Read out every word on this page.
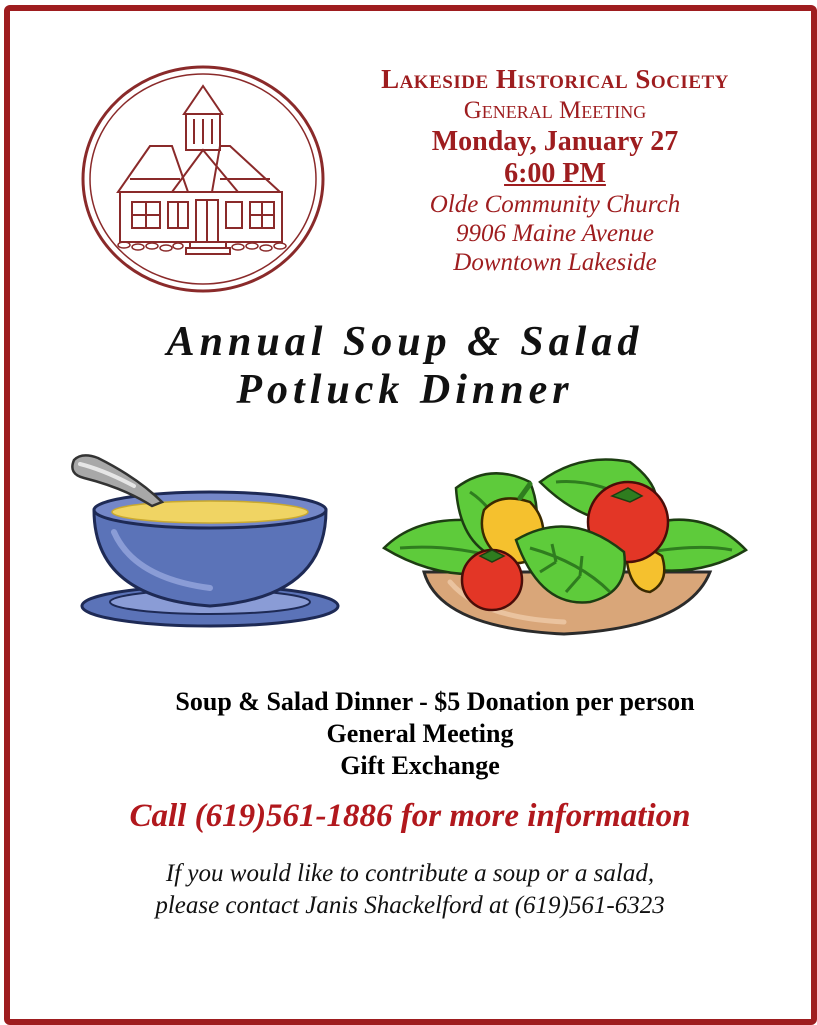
Lakeside Historical Society
General Meeting
Monday, January 27
6:00 PM
Olde Community Church
9906 Maine Avenue
Downtown Lakeside
Annual Soup & Salad
Potluck Dinner
Soup & Salad Dinner - $5 Donation per person
General Meeting
Gift Exchange
Call (619)561-1886 for more information
If you would like to contribute a soup or a salad,
please contact Janis Shackelford at (619)561-6323
